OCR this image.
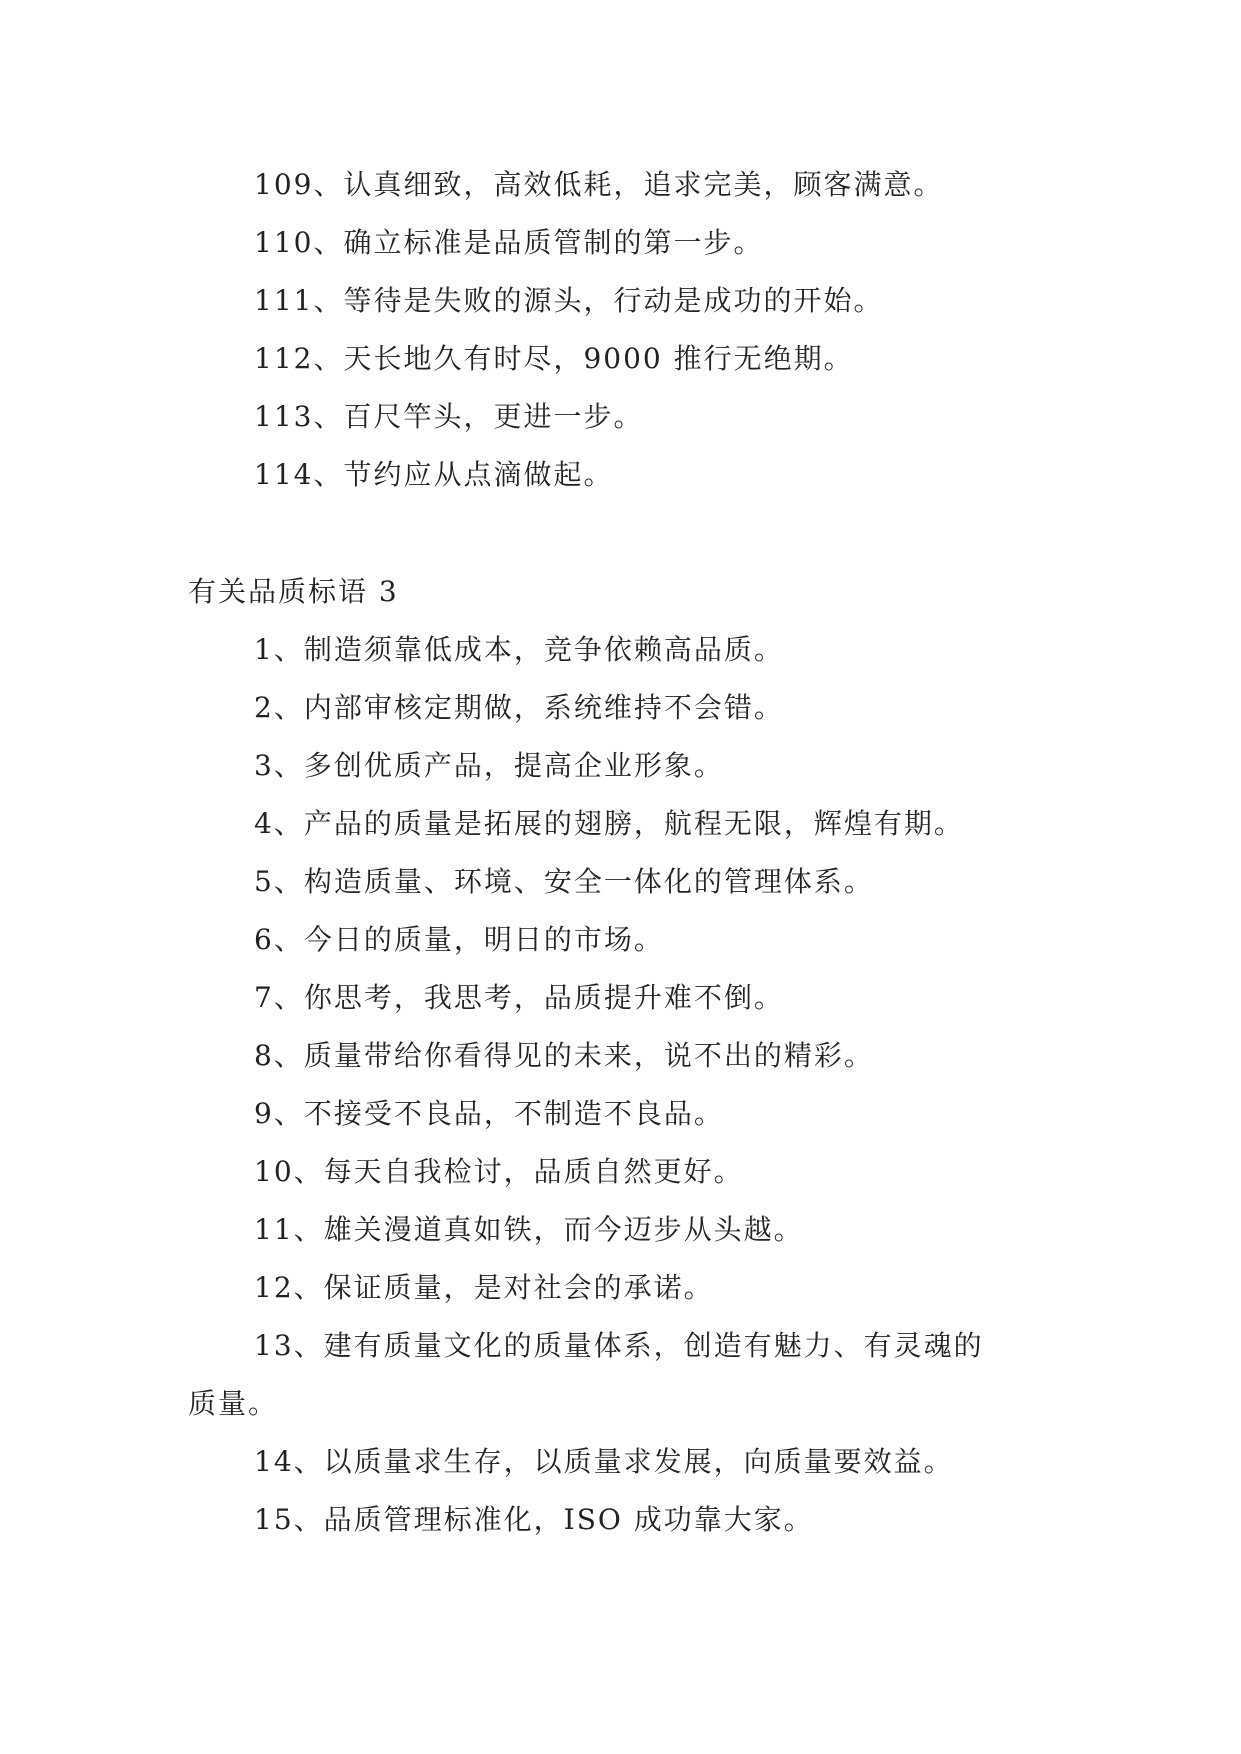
109、认真细致，高效低耗，追求完美，顾客满意。
110、确立标准是品质管制的第一步。
111、等待是失败的源头，行动是成功的开始。
112、天长地久有时尽，9000 推行无绝期。
113、百尺竿头，更进一步。
114、节约应从点滴做起。
有关品质标语 3
1、制造须靠低成本，竞争依赖高品质。
2、内部审核定期做，系统维持不会错。
3、多创优质产品，提高企业形象。
4、产品的质量是拓展的翅膀，航程无限，辉煌有期。
5、构造质量、环境、安全一体化的管理体系。
6、今日的质量，明日的市场。
7、你思考，我思考，品质提升难不倒。
8、质量带给你看得见的未来，说不出的精彩。
9、不接受不良品，不制造不良品。
10、每天自我检讨，品质自然更好。
11、雄关漫道真如铁，而今迈步从头越。
12、保证质量，是对社会的承诺。
13、建有质量文化的质量体系，创造有魅力、有灵魂的
质量。
14、以质量求生存，以质量求发展，向质量要效益。
15、品质管理标准化，ISO 成功靠大家。
